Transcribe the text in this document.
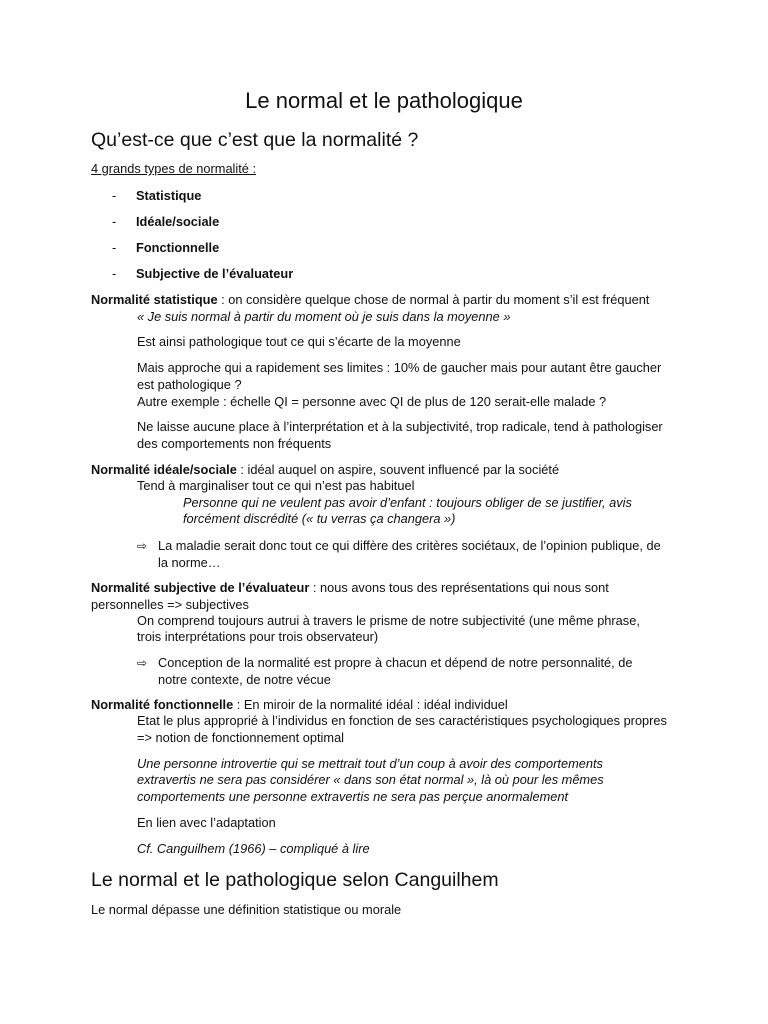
Le normal et le pathologique
Qu’est-ce que c’est que la normalité ?
4 grands types de normalité :
- Statistique
- Idéale/sociale
- Fonctionnelle
- Subjective de l’évaluateur
Normalité statistique : on considère quelque chose de normal à partir du moment s’il est fréquent
« Je suis normal à partir du moment où je suis dans la moyenne »
Est ainsi pathologique tout ce qui s’écarte de la moyenne
Mais approche qui a rapidement ses limites : 10% de gaucher mais pour autant être gaucher
est pathologique ?
Autre exemple : échelle QI = personne avec QI de plus de 120 serait-elle malade ?
Ne laisse aucune place à l’interprétation et à la subjectivité, trop radicale, tend à pathologiser
des comportements non fréquents
Normalité idéale/sociale : idéal auquel on aspire, souvent influencé par la société
Tend à marginaliser tout ce qui n’est pas habituel
Personne qui ne veulent pas avoir d’enfant : toujours obliger de se justifier, avis
forcément discrédité (« tu verras ça changera »)
⇨ La maladie serait donc tout ce qui diffère des critères sociétaux, de l’opinion publique, de
la norme…
Normalité subjective de l’évaluateur : nous avons tous des représentations qui nous sont
personnelles => subjectives
On comprend toujours autrui à travers le prisme de notre subjectivité (une même phrase,
trois interprétations pour trois observateur)
⇨ Conception de la normalité est propre à chacun et dépend de notre personnalité, de
notre contexte, de notre vécue
Normalité fonctionnelle : En miroir de la normalité idéal : idéal individuel
Etat le plus approprié à l’individus en fonction de ses caractéristiques psychologiques propres
=> notion de fonctionnement optimal
Une personne introvertie qui se mettrait tout d’un coup à avoir des comportements
extravertis ne sera pas considérer « dans son état normal », là où pour les mêmes
comportements une personne extravertis ne sera pas perçue anormalement
En lien avec l’adaptation
Cf. Canguilhem (1966) – compliqué à lire
Le normal et le pathologique selon Canguilhem
Le normal dépasse une définition statistique ou morale
